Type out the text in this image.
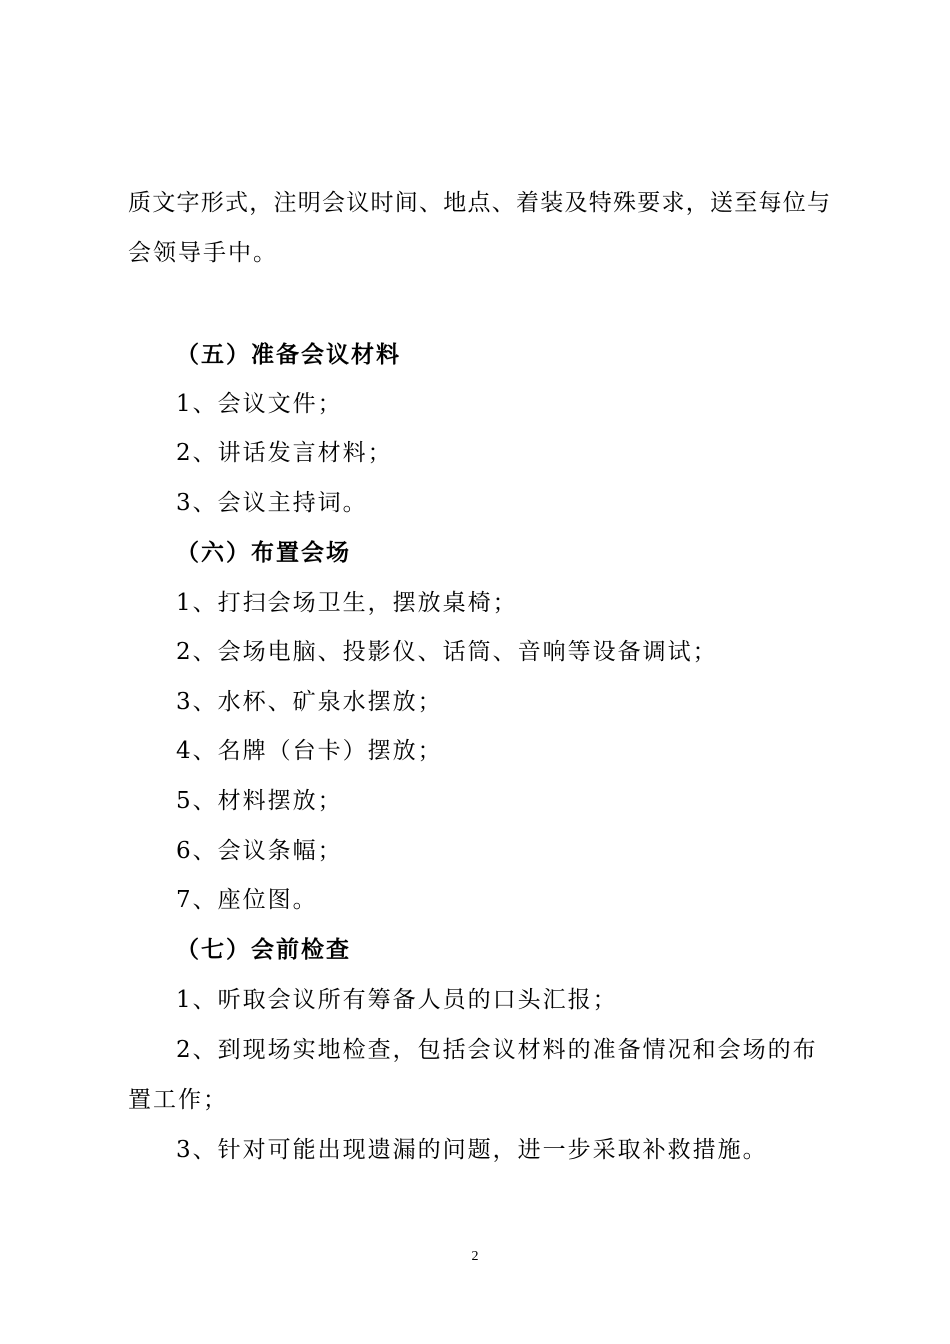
质 文 字 形 式 ， 注 明 会 议 时 间 、 地 点 、 着 装 及 特 殊 要 求 ， 送 至 每 位 与
会领导手中。
（五）准备会议材料
1、会议文件；
2、讲话发言材料；
3、会议主持词。
（六）布置会场
1、打扫会场卫生，摆放桌椅；
2、会场电脑、投影仪、话筒、音响等设备调试；
3、水杯、矿泉水摆放；
4、名牌（台卡）摆放；
5、材料摆放；
6、会议条幅；
7、座位图。
（七）会前检查
1、听取会议所有筹备人员的口头汇报；
2、到现场实地检查，包括会议材料的准备情况和会场的布
置工作；
3、针对可能出现遗漏的问题，进一步采取补救措施。
2
